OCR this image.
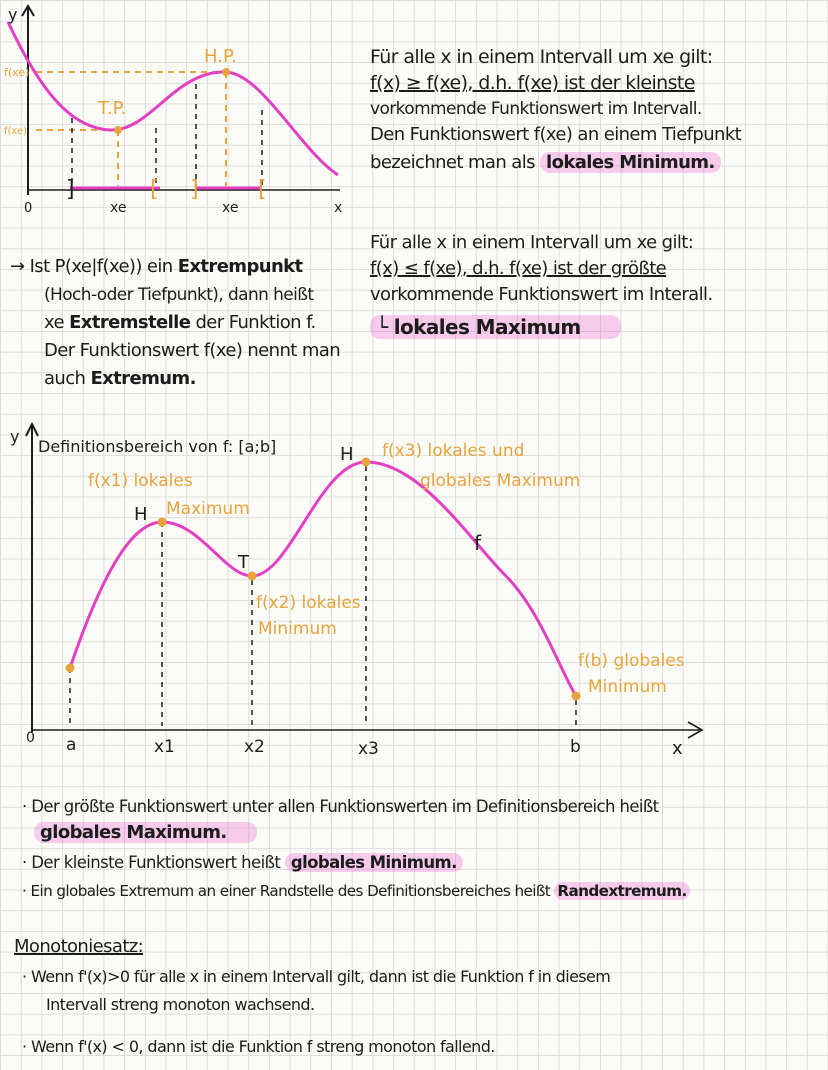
]	[ ]	[
y
x
0
f(xe)
f(xe)
H.P.
T.P.
xe	xe
Für alle x in einem Intervall um xe gilt:
f(x) ≥ f(xe), d.h. f(xe) ist der kleinste
vorkommende Funktionswert im Intervall.
Den Funktionswert f(xe) an einem Tiefpunkt
bezeichnet man als lokales Minimum.
Für alle x in einem Intervall um xe gilt:
f(x) ≤ f(xe), d.h. f(xe) ist der größte
vorkommende Funktionswert im Interall.
└ lokales Maximum
→ Ist P(xe|f(xe)) ein Extrempunkt
(Hoch-oder Tiefpunkt), dann heißt
xe Extremstelle der Funktion f.
Der Funktionswert f(xe) nennt man
auch Extremum.
y
x
0
Definitionsbereich von f: [a;b]
a	x1	x2	x3	b
H
T
H
f
f(x1) lokales
Maximum
f(x2) lokales
Minimum
f(x3) lokales und
globales Maximum
f(b) globales
Minimum
· Der größte Funktionswert unter allen Funktionswerten im Definitionsbereich heißt
globales Maximum.
· Der kleinste Funktionswert heißt globales Minimum.
· Ein globales Extremum an einer Randstelle des Definitionsbereiches heißt Randextremum.
Monotoniesatz:
· Wenn f'(x)>0 für alle x in einem Intervall gilt, dann ist die Funktion f in diesem
Intervall streng monoton wachsend.
· Wenn f'(x) < 0, dann ist die Funktion f streng monoton fallend.
